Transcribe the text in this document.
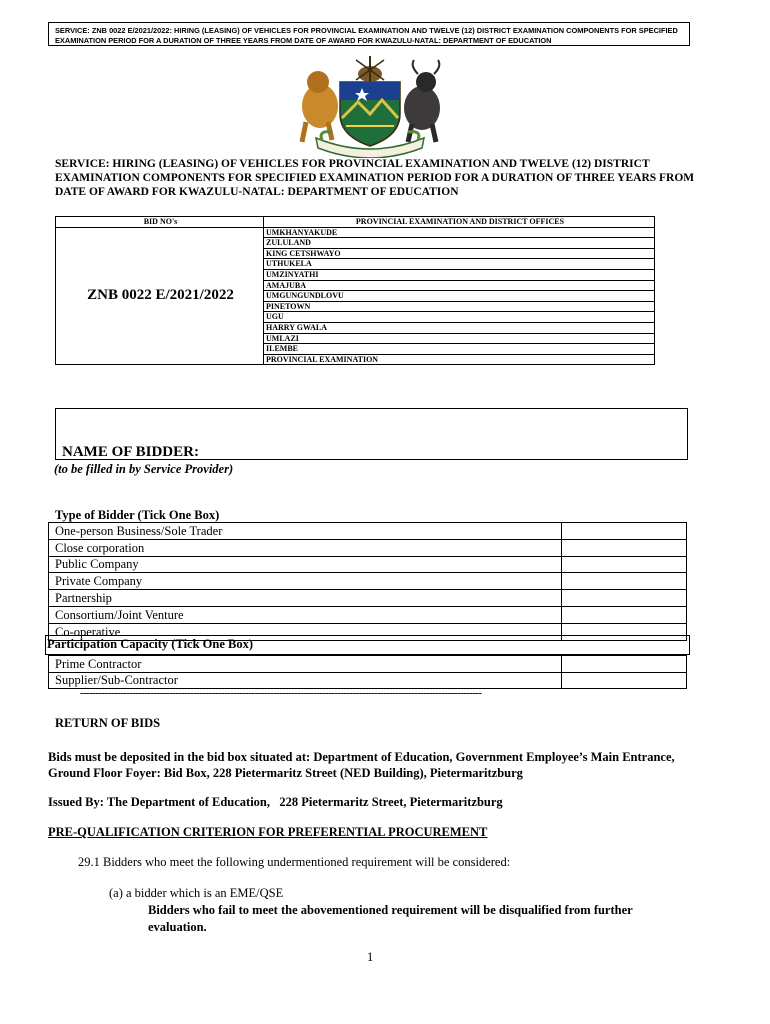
SERVICE: ZNB 0022 E/2021/2022: HIRING (LEASING) OF VEHICLES FOR PROVINCIAL EXAMINATION AND TWELVE (12) DISTRICT EXAMINATION COMPONENTS FOR SPECIFIED EXAMINATION PERIOD FOR A DURATION OF THREE YEARS FROM DATE OF AWARD FOR KWAZULU-NATAL: DEPARTMENT OF EDUCATION
SERVICE: HIRING (LEASING) OF VEHICLES FOR PROVINCIAL EXAMINATION AND TWELVE (12) DISTRICT EXAMINATION COMPONENTS FOR SPECIFIED EXAMINATION PERIOD FOR A DURATION OF THREE YEARS FROM DATE OF AWARD FOR KWAZULU-NATAL: DEPARTMENT OF EDUCATION
BID NO's	PROVINCIAL EXAMINATION AND DISTRICT OFFICES
ZNB 0022 E/2021/2022	UMKHANYAKUDE
	ZULULAND
	KING CETSHWAYO
	UTHUKELA
	UMZINYATHI
	AMAJUBA
	UMGUNGUNDLOVU
	PINETOWN
	UGU
	HARRY GWALA
	UMLAZI
	ILEMBE
	PROVINCIAL EXAMINATION
NAME OF BIDDER:
(to be filled in by Service Provider)
Type of Bidder (Tick One Box)
One-person Business/Sole Trader	
Close corporation	
Public Company	
Private Company	
Partnership	
Consortium/Joint Venture	
Co-operative	
Participation Capacity (Tick One Box)
Prime Contractor	
Supplier/Sub-Contractor	
-----------------------------------------------------------------------------------------------------------------------------------
RETURN OF BIDS
Bids must be deposited in the bid box situated at: Department of Education, Government Employee’s Main Entrance, Ground Floor Foyer: Bid Box, 228 Pietermaritz Street (NED Building), Pietermaritzburg
Issued By: The Department of Education,   228 Pietermaritz Street, Pietermaritzburg
PRE-QUALIFICATION CRITERION FOR PREFERENTIAL PROCUREMENT
29.1 Bidders who meet the following undermentioned requirement will be considered:
(a) a bidder which is an EME/QSE
Bidders who fail to meet the abovementioned requirement will be disqualified from further evaluation.
1
